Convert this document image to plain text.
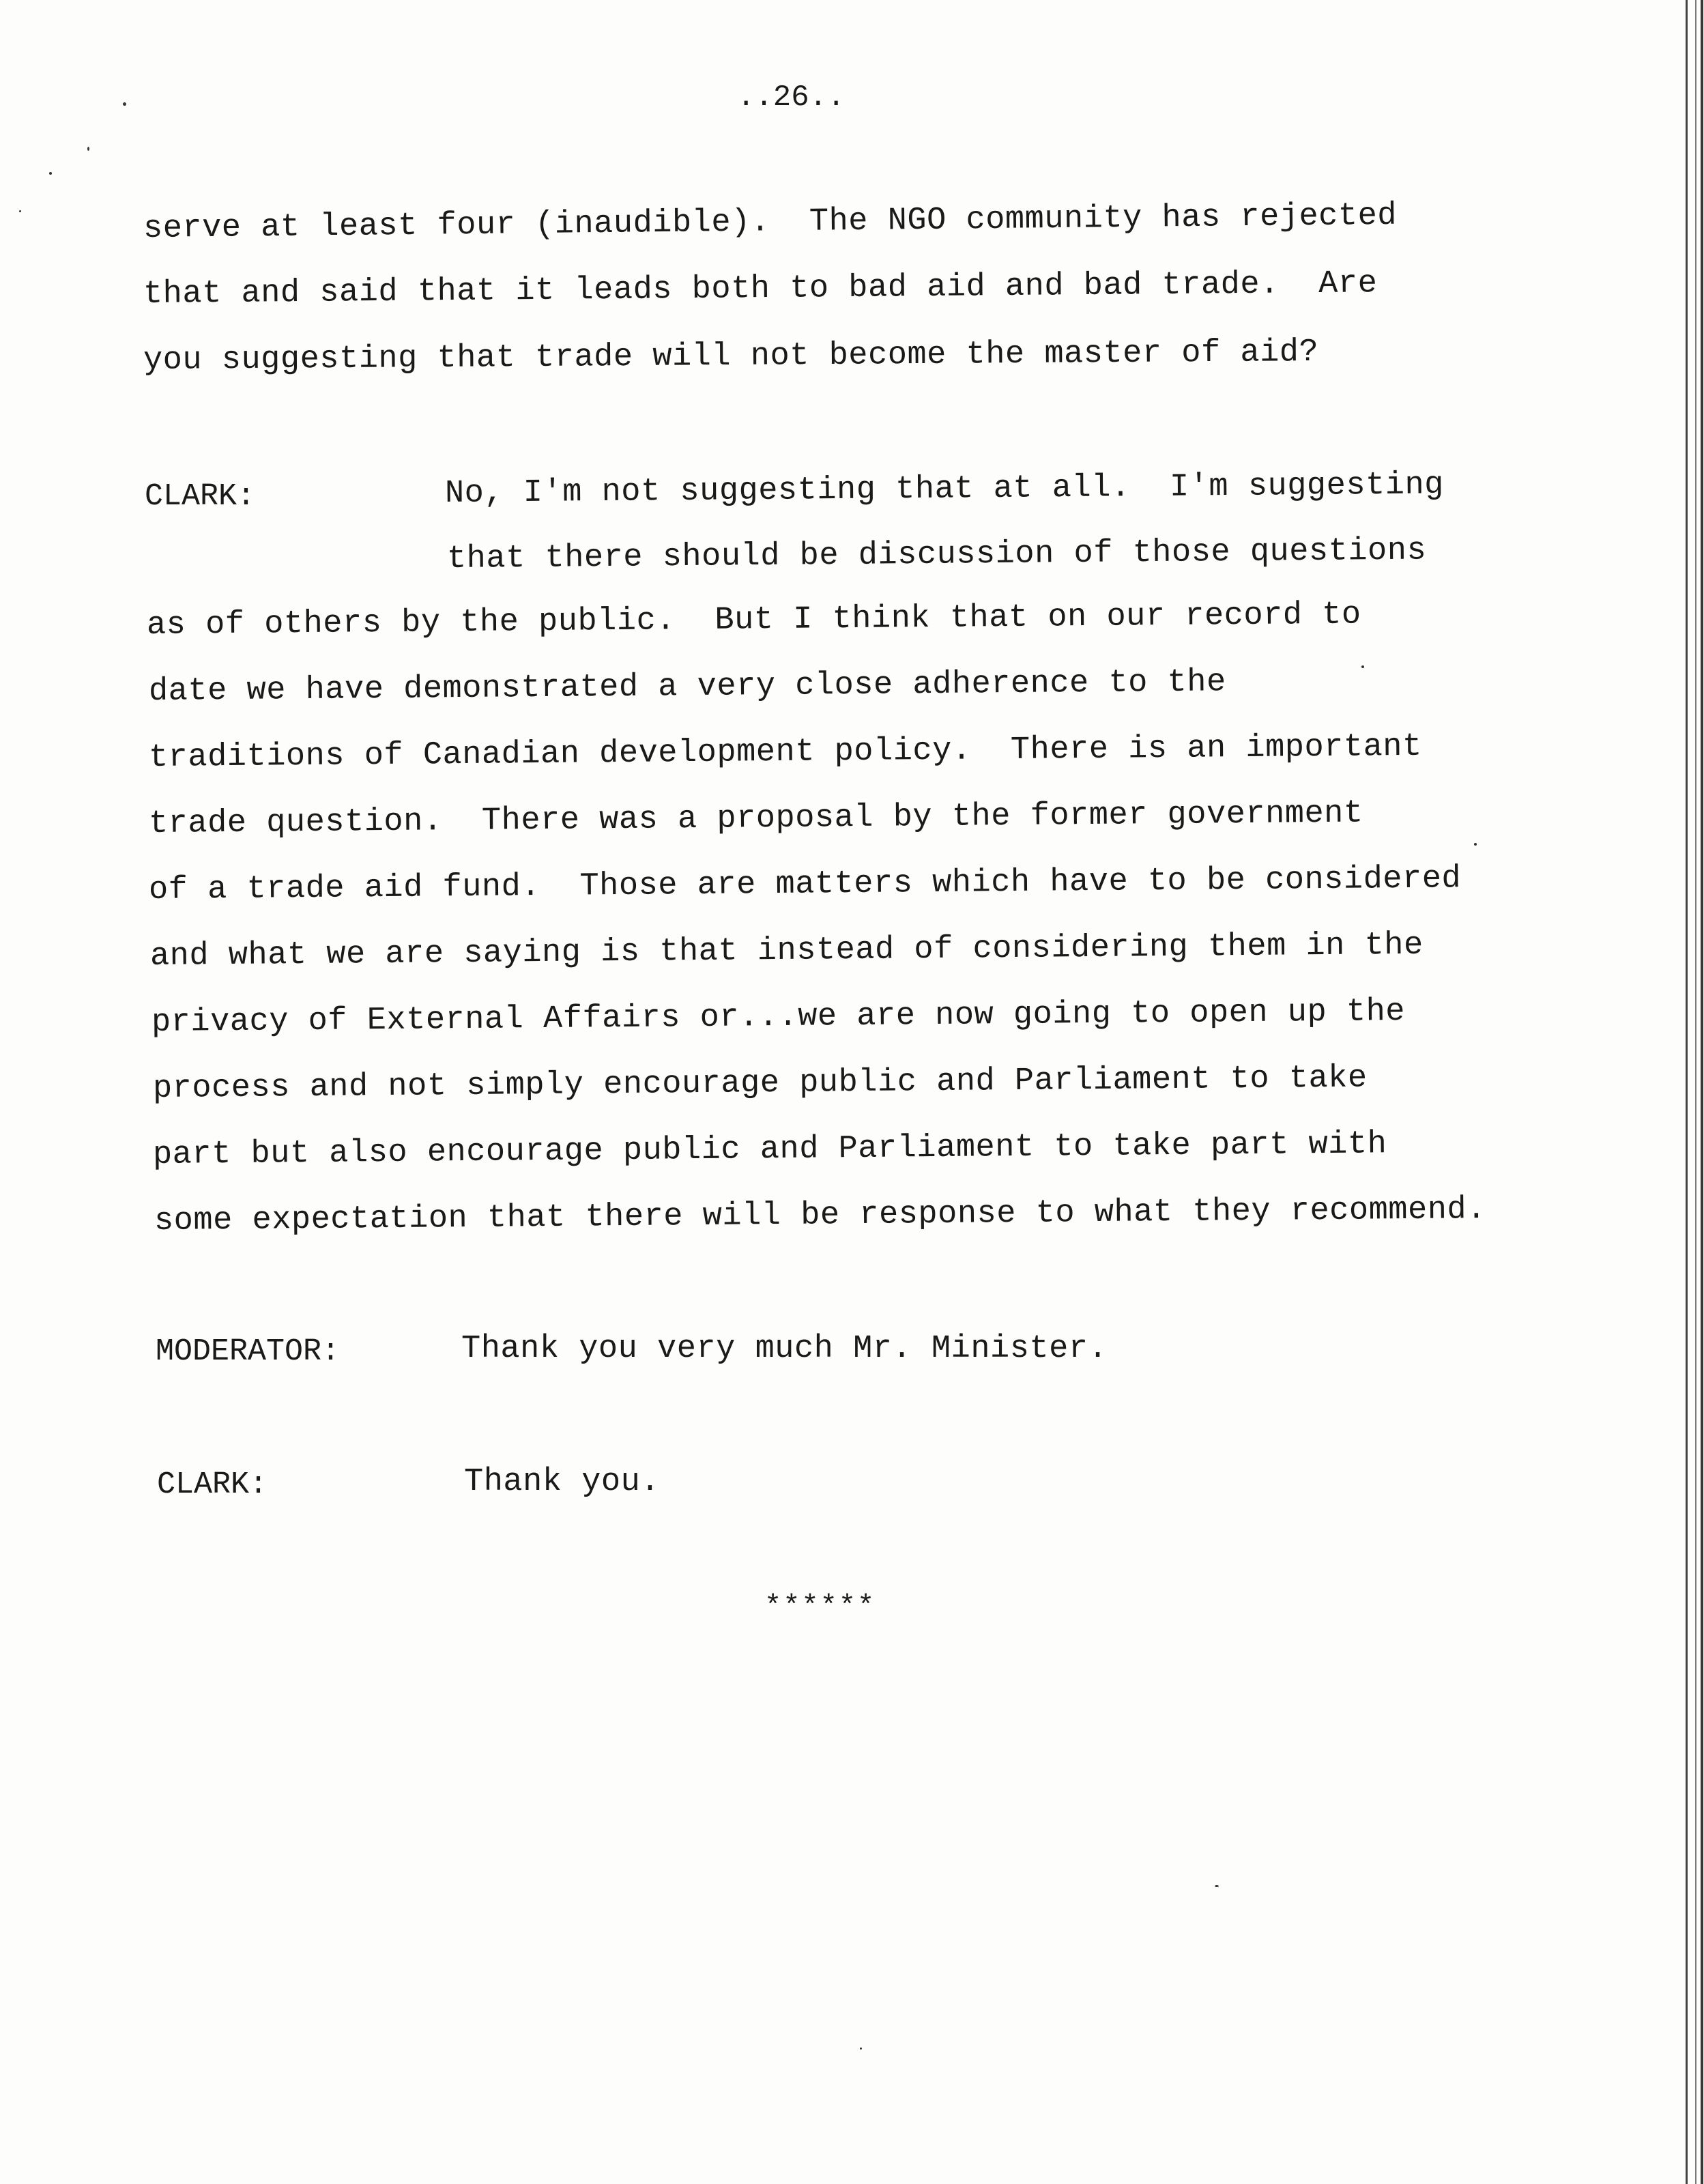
..26..
serve at least four (inaudible).  The NGO community has rejected
that and said that it leads both to bad aid and bad trade.  Are
you suggesting that trade will not become the master of aid?
CLARK:	No, I'm not suggesting that at all.  I'm suggesting
that there should be discussion of those questions
as of others by the public.  But I think that on our record to
date we have demonstrated a very close adherence to the
traditions of Canadian development policy.  There is an important
trade question.  There was a proposal by the former government
of a trade aid fund.  Those are matters which have to be considered
and what we are saying is that instead of considering them in the
privacy of External Affairs or...we are now going to open up the
process and not simply encourage public and Parliament to take
part but also encourage public and Parliament to take part with
some expectation that there will be response to what they recommend.
MODERATOR:	Thank you very much Mr. Minister.
CLARK:	Thank you.
******
